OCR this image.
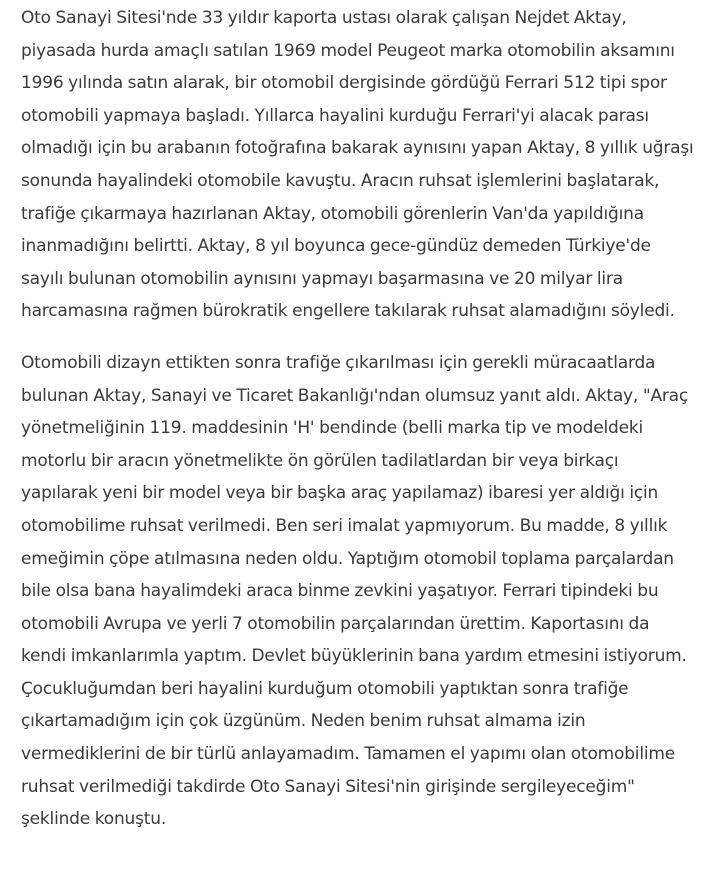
Oto Sanayi Sitesi'nde 33 yıldır kaporta ustası olarak çalışan Nejdet Aktay, piyasada hurda amaçlı satılan 1969 model Peugeot marka otomobilin aksamını 1996 yılında satın alarak, bir otomobil dergisinde gördüğü Ferrari 512 tipi spor otomobili yapmaya başladı. Yıllarca hayalini kurduğu Ferrari'yi alacak parası olmadığı için bu arabanın fotoğrafına bakarak aynısını yapan Aktay, 8 yıllık uğraşı sonunda hayalindeki otomobile kavuştu. Aracın ruhsat işlemlerini başlatarak, trafiğe çıkarmaya hazırlanan Aktay, otomobili görenlerin Van'da yapıldığına inanmadığını belirtti. Aktay, 8 yıl boyunca gece-gündüz demeden Türkiye'de sayılı bulunan otomobilin aynısını yapmayı başarmasına ve 20 milyar lira harcamasına rağmen bürokratik engellere takılarak ruhsat alamadığını söyledi.

Otomobili dizayn ettikten sonra trafiğe çıkarılması için gerekli müracaatlarda bulunan Aktay, Sanayi ve Ticaret Bakanlığı'ndan olumsuz yanıt aldı. Aktay, "Araç yönetmeliğinin 119. maddesinin 'H' bendinde (belli marka tip ve modeldeki motorlu bir aracın yönetmelikte ön görülen tadilatlardan bir veya birkaçı yapılarak yeni bir model veya bir başka araç yapılamaz) ibaresi yer aldığı için otomobilime ruhsat verilmedi. Ben seri imalat yapmıyorum. Bu madde, 8 yıllık emeğimin çöpe atılmasına neden oldu. Yaptığım otomobil toplama parçalardan bile olsa bana hayalimdeki araca binme zevkini yaşatıyor. Ferrari tipindeki bu otomobili Avrupa ve yerli 7 otomobilin parçalarından ürettim. Kaportasını da kendi imkanlarımla yaptım. Devlet büyüklerinin bana yardım etmesini istiyorum. Çocukluğumdan beri hayalini kurduğum otomobili yaptıktan sonra trafiğe çıkartamadığım için çok üzgünüm. Neden benim ruhsat almama izin vermediklerini de bir türlü anlayamadım. Tamamen el yapımı olan otomobilime ruhsat verilmediği takdirde Oto Sanayi Sitesi'nin girişinde sergileyeceğim" şeklinde konuştu.
